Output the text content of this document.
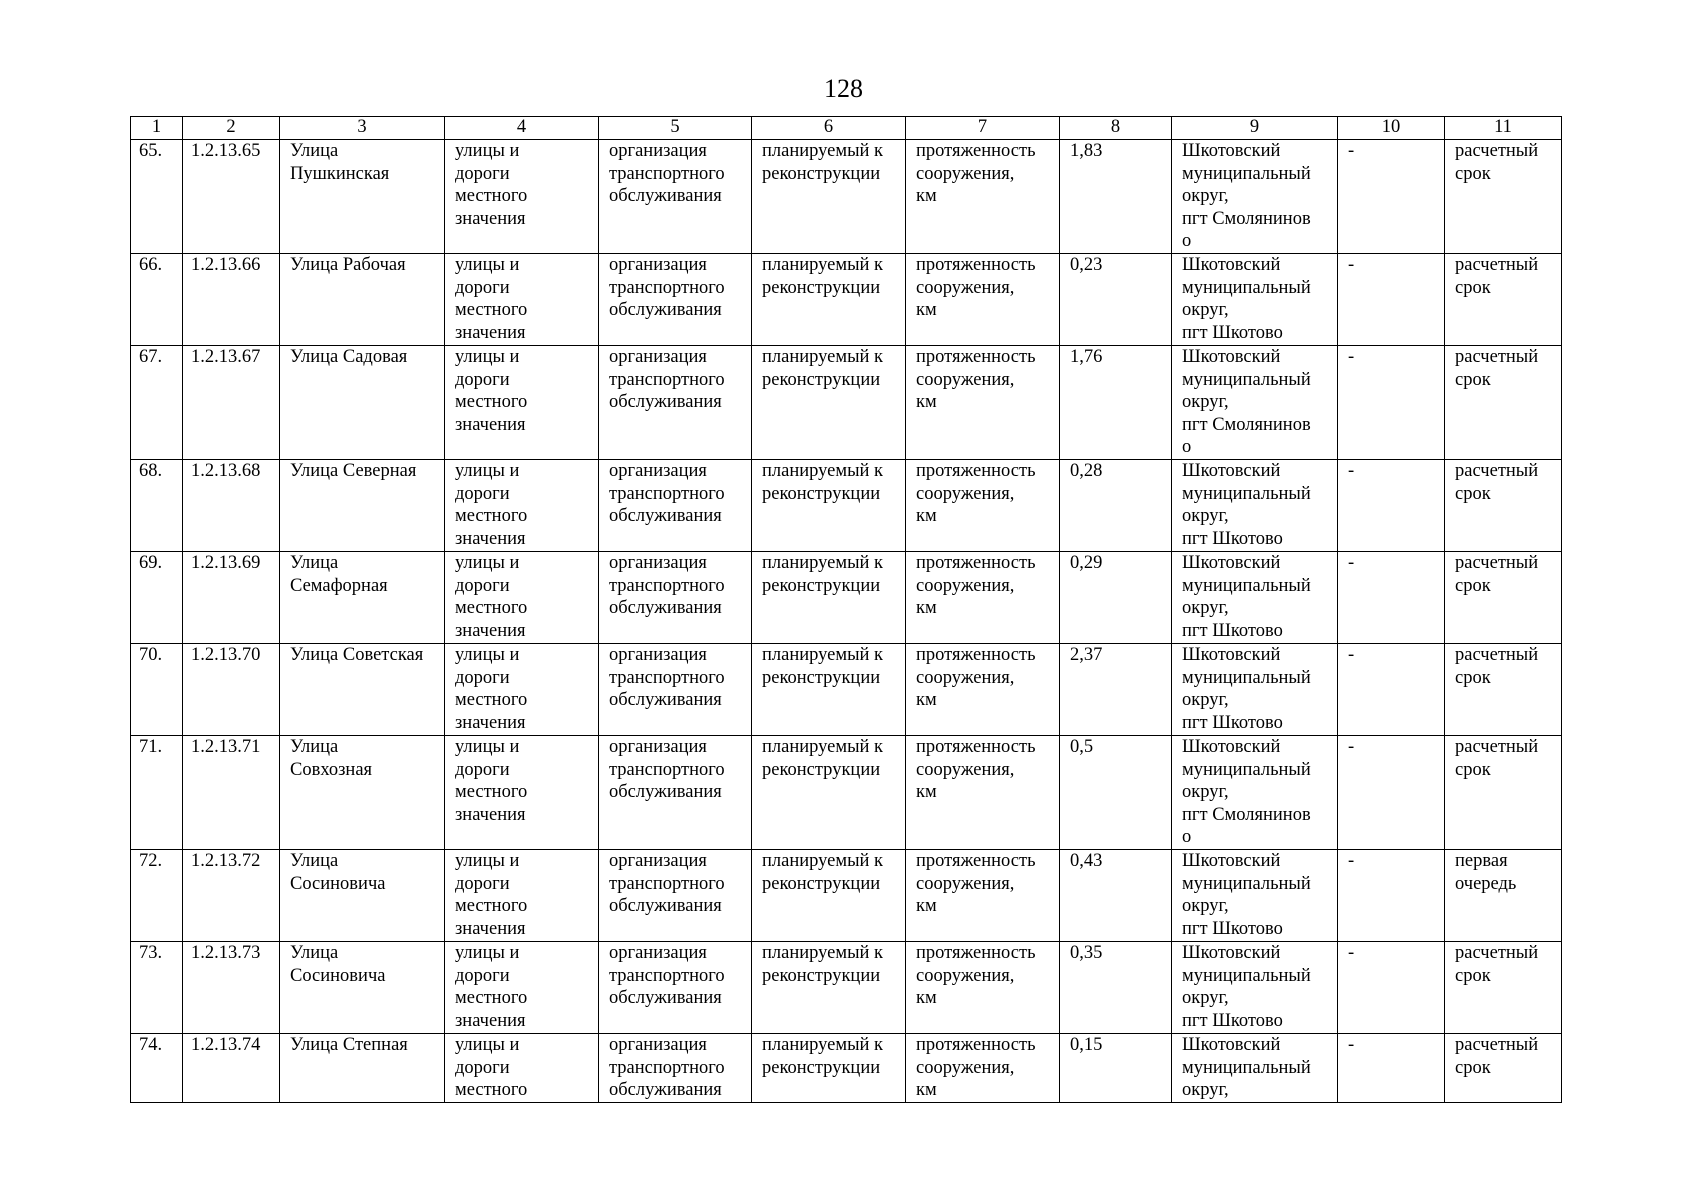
128
1	2	3	4	5	6	7	8	9	10	11
65.	1.2.13.65	Улица
Пушкинская	улицы и
дороги
местного
значения	организация
транспортного
обслуживания	планируемый к
реконструкции	протяженность
сооружения,
км	1,83	Шкотовский
муниципальный
округ,
пгт Смолянинов
о	-	расчетный
срок
66.	1.2.13.66	Улица Рабочая	улицы и
дороги
местного
значения	организация
транспортного
обслуживания	планируемый к
реконструкции	протяженность
сооружения,
км	0,23	Шкотовский
муниципальный
округ,
пгт Шкотово	-	расчетный
срок
67.	1.2.13.67	Улица Садовая	улицы и
дороги
местного
значения	организация
транспортного
обслуживания	планируемый к
реконструкции	протяженность
сооружения,
км	1,76	Шкотовский
муниципальный
округ,
пгт Смолянинов
о	-	расчетный
срок
68.	1.2.13.68	Улица Северная	улицы и
дороги
местного
значения	организация
транспортного
обслуживания	планируемый к
реконструкции	протяженность
сооружения,
км	0,28	Шкотовский
муниципальный
округ,
пгт Шкотово	-	расчетный
срок
69.	1.2.13.69	Улица
Семафорная	улицы и
дороги
местного
значения	организация
транспортного
обслуживания	планируемый к
реконструкции	протяженность
сооружения,
км	0,29	Шкотовский
муниципальный
округ,
пгт Шкотово	-	расчетный
срок
70.	1.2.13.70	Улица Советская	улицы и
дороги
местного
значения	организация
транспортного
обслуживания	планируемый к
реконструкции	протяженность
сооружения,
км	2,37	Шкотовский
муниципальный
округ,
пгт Шкотово	-	расчетный
срок
71.	1.2.13.71	Улица
Совхозная	улицы и
дороги
местного
значения	организация
транспортного
обслуживания	планируемый к
реконструкции	протяженность
сооружения,
км	0,5	Шкотовский
муниципальный
округ,
пгт Смолянинов
о	-	расчетный
срок
72.	1.2.13.72	Улица
Сосиновича	улицы и
дороги
местного
значения	организация
транспортного
обслуживания	планируемый к
реконструкции	протяженность
сооружения,
км	0,43	Шкотовский
муниципальный
округ,
пгт Шкотово	-	первая
очередь
73.	1.2.13.73	Улица
Сосиновича	улицы и
дороги
местного
значения	организация
транспортного
обслуживания	планируемый к
реконструкции	протяженность
сооружения,
км	0,35	Шкотовский
муниципальный
округ,
пгт Шкотово	-	расчетный
срок
74.	1.2.13.74	Улица Степная	улицы и
дороги
местного	организация
транспортного
обслуживания	планируемый к
реконструкции	протяженность
сооружения,
км	0,15	Шкотовский
муниципальный
округ,	-	расчетный
срок
